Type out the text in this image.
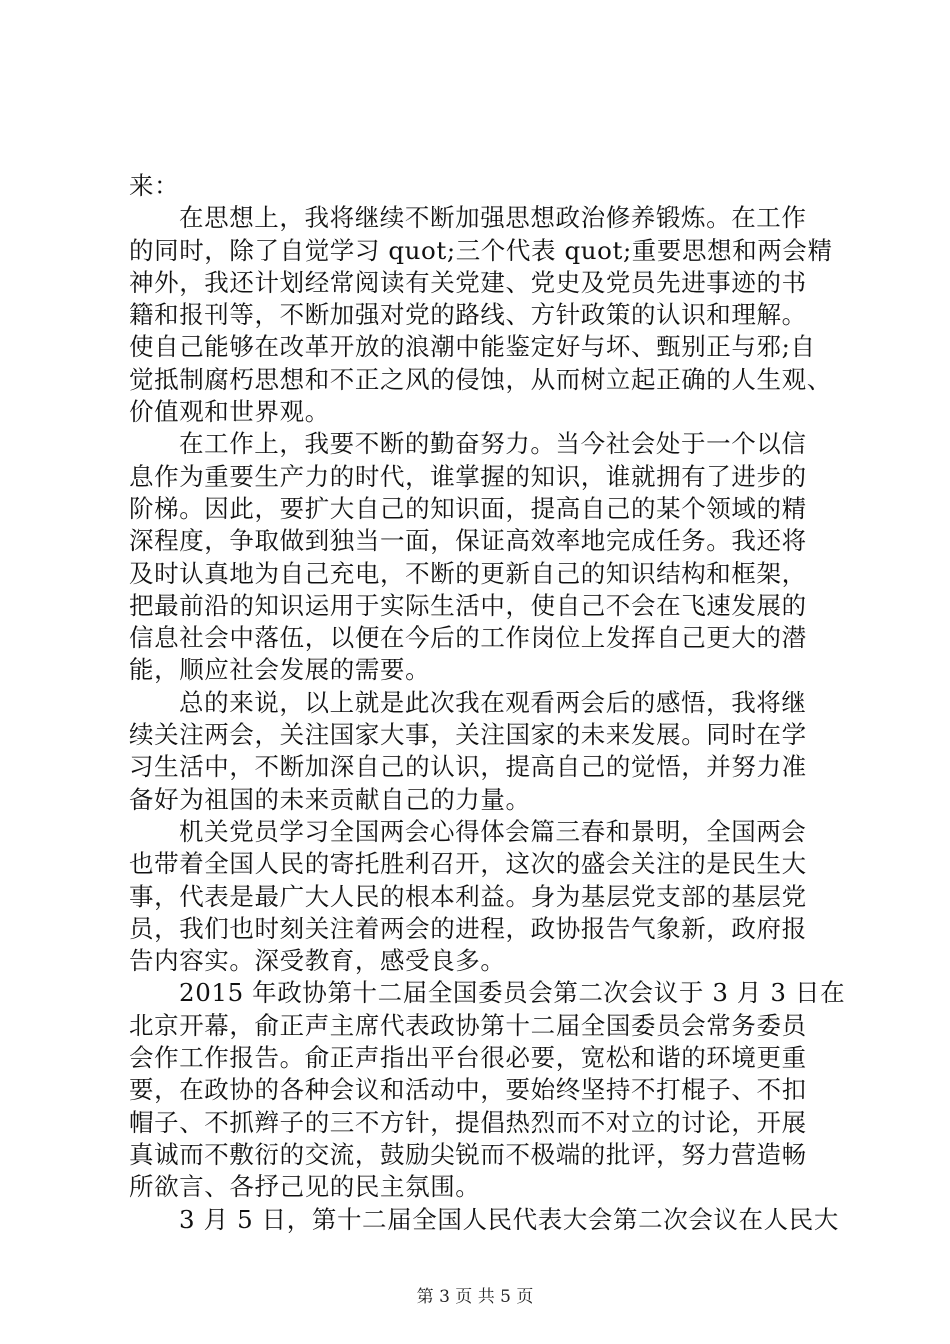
来：
在思想上，我将继续不断加强思想政治修养锻炼。在工作
的同时，除了自觉学习 quot;三个代表 quot;重要思想和两会精
神外，我还计划经常阅读有关党建、党史及党员先进事迹的书
籍和报刊等，不断加强对党的路线、方针政策的认识和理解。
使自己能够在改革开放的浪潮中能鉴定好与坏、甄别正与邪;自
觉抵制腐朽思想和不正之风的侵蚀，从而树立起正确的人生观、
价值观和世界观。
在工作上，我要不断的勤奋努力。当今社会处于一个以信
息作为重要生产力的时代，谁掌握的知识，谁就拥有了进步的
阶梯。因此，要扩大自己的知识面，提高自己的某个领域的精
深程度，争取做到独当一面，保证高效率地完成任务。我还将
及时认真地为自己充电，不断的更新自己的知识结构和框架，
把最前沿的知识运用于实际生活中，使自己不会在飞速发展的
信息社会中落伍，以便在今后的工作岗位上发挥自己更大的潜
能，顺应社会发展的需要。
总的来说，以上就是此次我在观看两会后的感悟，我将继
续关注两会，关注国家大事，关注国家的未来发展。同时在学
习生活中，不断加深自己的认识，提高自己的觉悟，并努力准
备好为祖国的未来贡献自己的力量。
机关党员学习全国两会心得体会篇三春和景明，全国两会
也带着全国人民的寄托胜利召开，这次的盛会关注的是民生大
事，代表是最广大人民的根本利益。身为基层党支部的基层党
员，我们也时刻关注着两会的进程，政协报告气象新，政府报
告内容实。深受教育，感受良多。
2015 年政协第十二届全国委员会第二次会议于 3 月 3 日在
北京开幕，俞正声主席代表政协第十二届全国委员会常务委员
会作工作报告。俞正声指出平台很必要，宽松和谐的环境更重
要，在政协的各种会议和活动中，要始终坚持不打棍子、不扣
帽子、不抓辫子的三不方针，提倡热烈而不对立的讨论，开展
真诚而不敷衍的交流，鼓励尖锐而不极端的批评，努力营造畅
所欲言、各抒己见的民主氛围。
3 月 5 日，第十二届全国人民代表大会第二次会议在人民大
第 3 页 共 5 页
